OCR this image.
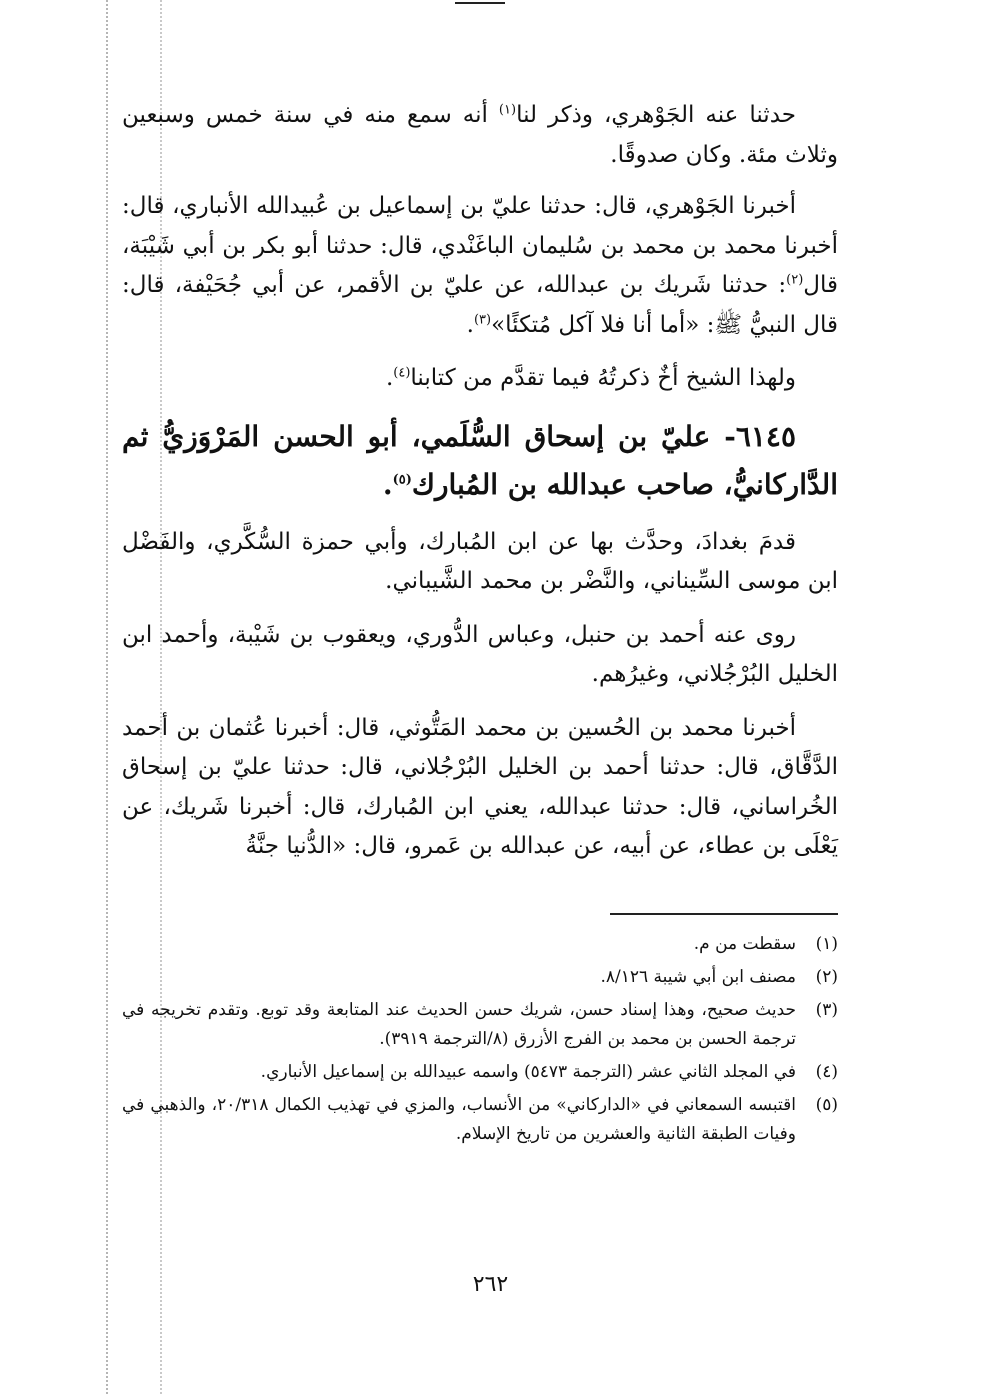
حدثنا عنه الجَوْهري، وذكر لنا$^{(١)}$ أنه سمع منه في سنة خمس وسبعين وثلاث مئة. وكان صدوقًا.

أخبرنا الجَوْهري، قال: حدثنا عليّ بن إسماعيل بن عُبيدالله الأنباري، قال: أخبرنا محمد بن محمد بن سُليمان الباغَنْدي، قال: حدثنا أبو بكر بن أبي شَيْبَة، قال$^{(٢)}$: حدثنا شَريك بن عبدالله، عن عليّ بن الأقمر، عن أبي جُحَيْفة، قال: قال النبيُّ ﷺ: «أما أنا فلا آكل مُتكئًا»$^{(٣)}$.

ولهذا الشيخ أخٌ ذكرتُهُ فيما تقدَّم من كتابنا$^{(٤)}$.

٦١٤٥- عليّ بن إسحاق السُّلَمي، أبو الحسن المَرْوَزيُّ ثم الدَّاركانيُّ، صاحب عبدالله بن المُبارك$^{(٥)}$.

قدمَ بغدادَ، وحدَّث بها عن ابن المُبارك، وأبي حمزة السُّكَّري، والفَضْل ابن موسى السِّيناني، والنَّضْر بن محمد الشَّيباني.

روى عنه أحمد بن حنبل، وعباس الدُّوري، ويعقوب بن شَيْبة، وأحمد ابن الخليل البُرْجُلاني، وغيرُهم.

أخبرنا محمد بن الحُسين بن محمد المَتُّوثي، قال: أخبرنا عُثمان بن أحمد الدَّقَّاق، قال: حدثنا أحمد بن الخليل البُرْجُلاني، قال: حدثنا عليّ بن إسحاق الخُراساني، قال: حدثنا عبدالله، يعني ابن المُبارك، قال: أخبرنا شَريك، عن يَعْلَى بن عطاء، عن أبيه، عن عبدالله بن عَمرو، قال: «الدُّنيا جنَّةُ

(١)
سقطت من م.
(٢)
مصنف ابن أبي شيبة ٨/١٢٦.
(٣)
حديث صحيح، وهذا إسناد حسن، شريك حسن الحديث عند المتابعة وقد توبع. وتقدم تخريجه في ترجمة الحسن بن محمد بن الفرج الأزرق (٨/الترجمة ٣٩١٩).
(٤)
في المجلد الثاني عشر (الترجمة ٥٤٧٣) واسمه عبيدالله بن إسماعيل الأنباري.
(٥)
اقتبسه السمعاني في «الداركاني» من الأنساب، والمزي في تهذيب الكمال ٢٠/٣١٨، والذهبي في وفيات الطبقة الثانية والعشرين من تاريخ الإسلام.
٢٦٢
